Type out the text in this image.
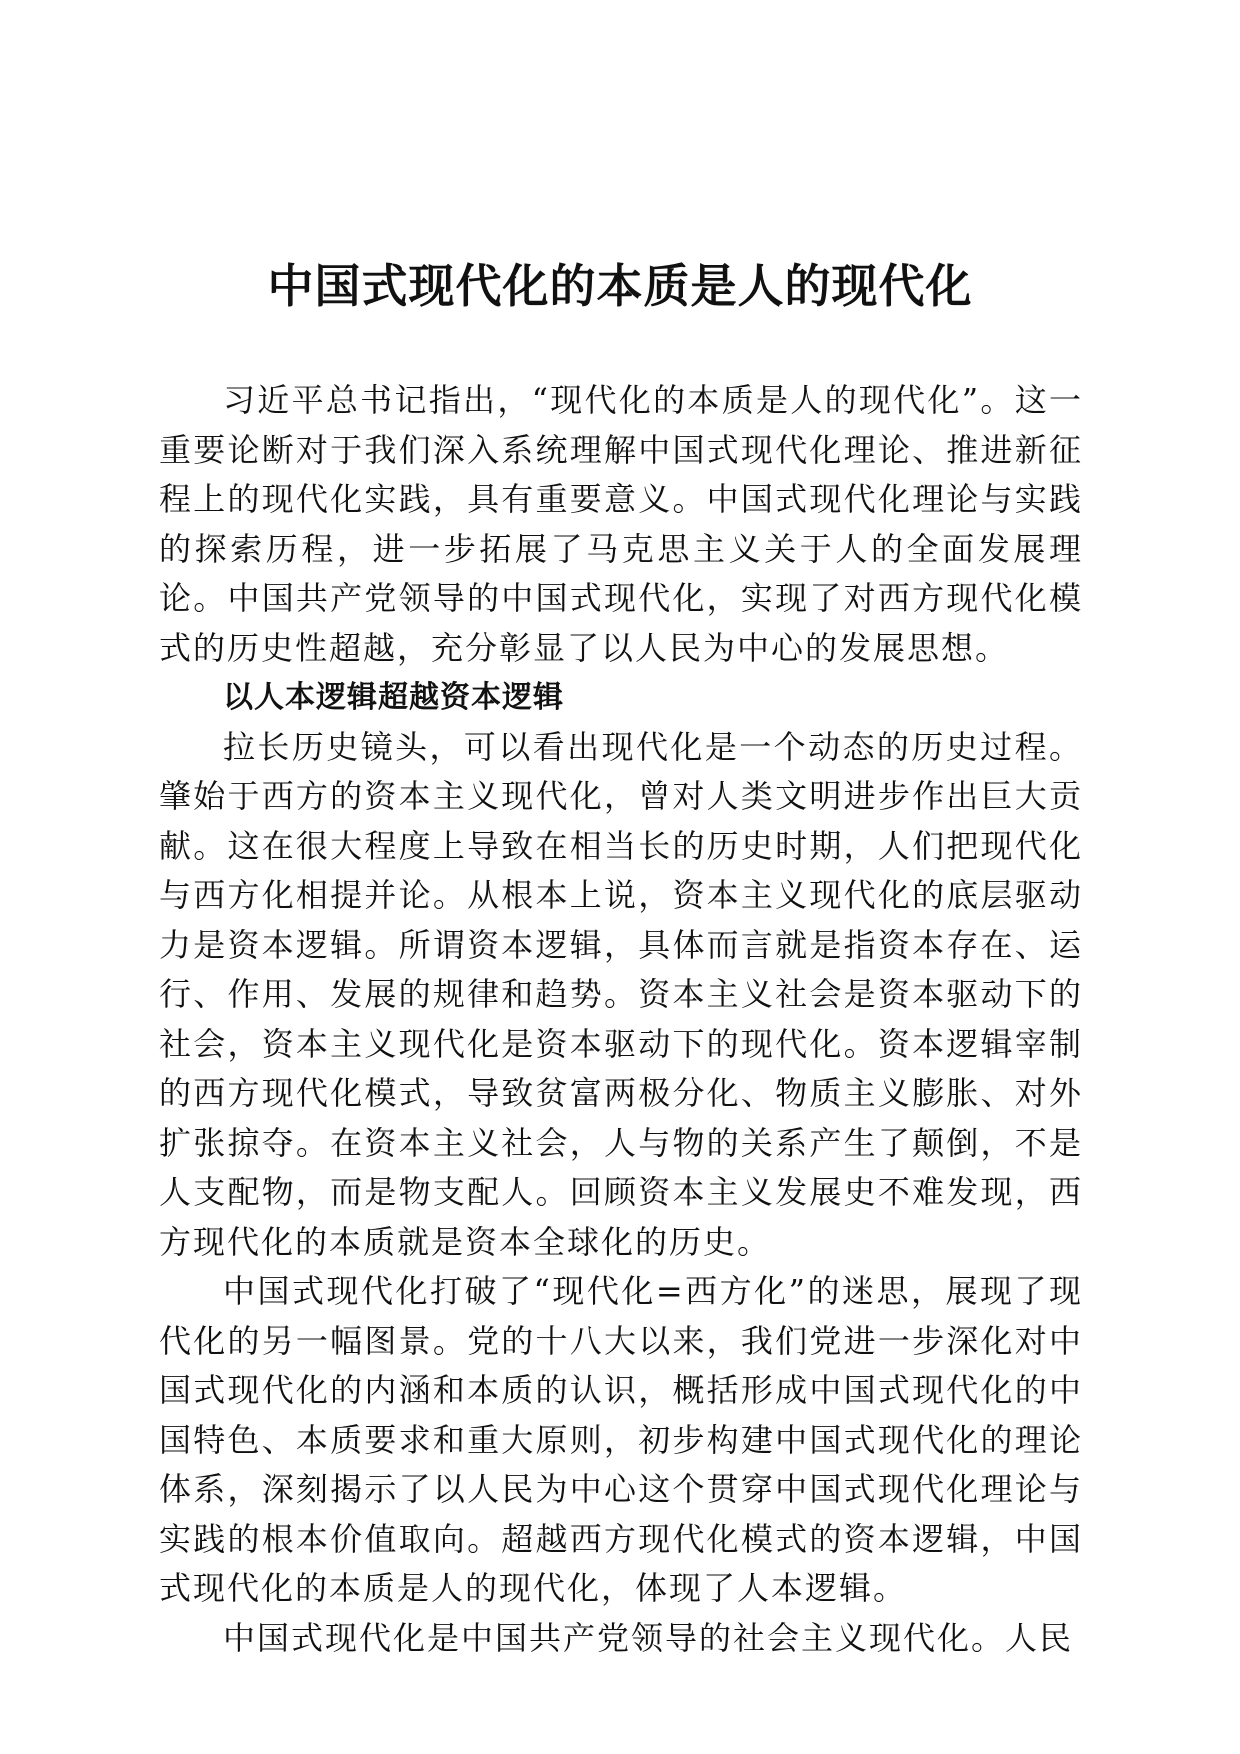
中国式现代化的本质是人的现代化

习近平总书记指出，“现代化的本质是人的现代化”。这一重要论断对于我们深入系统理解中国式现代化理论、推进新征程上的现代化实践，具有重要意义。中国式现代化理论与实践的探索历程，进一步拓展了马克思主义关于人的全面发展理论。中国共产党领导的中国式现代化，实现了对西方现代化模式的历史性超越，充分彰显了以人民为中心的发展思想。

以人本逻辑超越资本逻辑

拉长历史镜头，可以看出现代化是一个动态的历史过程。肇始于西方的资本主义现代化，曾对人类文明进步作出巨大贡献。这在很大程度上导致在相当长的历史时期，人们把现代化与西方化相提并论。从根本上说，资本主义现代化的底层驱动力是资本逻辑。所谓资本逻辑，具体而言就是指资本存在、运行、作用、发展的规律和趋势。资本主义社会是资本驱动下的社会，资本主义现代化是资本驱动下的现代化。资本逻辑宰制的西方现代化模式，导致贫富两极分化、物质主义膨胀、对外扩张掠夺。在资本主义社会，人与物的关系产生了颠倒，不是人支配物，而是物支配人。回顾资本主义发展史不难发现，西方现代化的本质就是资本全球化的历史。

中国式现代化打破了“现代化=西方化”的迷思，展现了现代化的另一幅图景。党的十八大以来，我们党进一步深化对中国式现代化的内涵和本质的认识，概括形成中国式现代化的中国特色、本质要求和重大原则，初步构建中国式现代化的理论体系，深刻揭示了以人民为中心这个贯穿中国式现代化理论与实践的根本价值取向。超越西方现代化模式的资本逻辑，中国式现代化的本质是人的现代化，体现了人本逻辑。

中国式现代化是中国共产党领导的社会主义现代化。人民
